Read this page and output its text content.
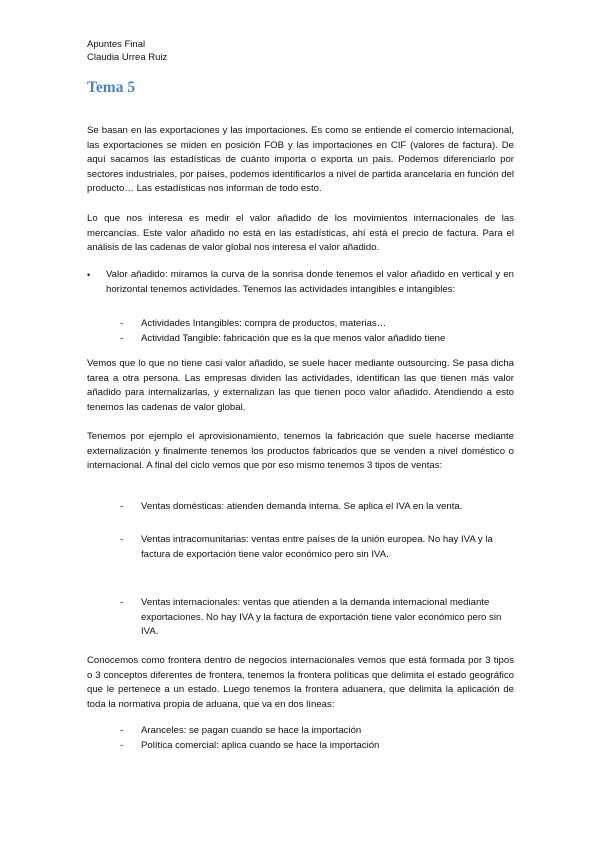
Apuntes Final
Claudia Urrea Ruiz
Tema 5

Se basan en las exportaciones y las importaciones. Es como se entiende el comercio internacional, las exportaciones se miden en posición FOB y las importaciones en CIF (valores de factura). De aquí sacamos las estadísticas de cuánto importa o exporta un país. Podemos diferenciarlo por sectores industriales, por países, podemos identificarlos a nivel de partida arancelaria en función del producto… Las estadísticas nos informan de todo esto.

Lo que nos interesa es medir el valor añadido de los movimientos internacionales de las mercancías. Este valor añadido no está en las estadísticas, ahí está el precio de factura. Para el análisis de las cadenas de valor global nos interesa el valor añadido.

• Valor añadido: miramos la curva de la sonrisa donde tenemos el valor añadido en vertical y en horizontal tenemos actividades. Tenemos las actividades intangibles e intangibles:
- Actividades Intangibles: compra de productos, materias…
- Actividad Tangible: fabricación que es la que menos valor añadido tiene

Vemos que lo que no tiene casi valor añadido, se suele hacer mediante outsourcing. Se pasa dicha tarea a otra persona. Las empresas dividen las actividades, identifican las que tienen más valor añadido para internalizarlas, y externalizan las que tienen poco valor añadido. Atendiendo a esto tenemos las cadenas de valor global.

Tenemos por ejemplo el aprovisionamiento, tenemos la fabricación que suele hacerse mediante externalización y finalmente tenemos los productos fabricados que se venden a nivel doméstico o internacional. A final del ciclo vemos que por eso mismo tenemos 3 tipos de ventas:

- Ventas domésticas: atienden demanda interna. Se aplica el IVA en la venta.
- Ventas intracomunitarias: ventas entre países de la unión europea. No hay IVA y la factura de exportación tiene valor económico pero sin IVA.
- Ventas internacionales: ventas que atienden a la demanda internacional mediante exportaciones. No hay IVA y la factura de exportación tiene valor económico pero sin IVA.

Conocemos como frontera dentro de negocios internacionales vemos que está formada por 3 tipos o 3 conceptos diferentes de frontera, tenemos la frontera políticas que delimita el estado geográfico que le pertenece a un estado. Luego tenemos la frontera aduanera, que delimita la aplicación de toda la normativa propia de aduana, que va en dos líneas:

- Aranceles: se pagan cuando se hace la importación
- Política comercial: aplica cuando se hace la importación
